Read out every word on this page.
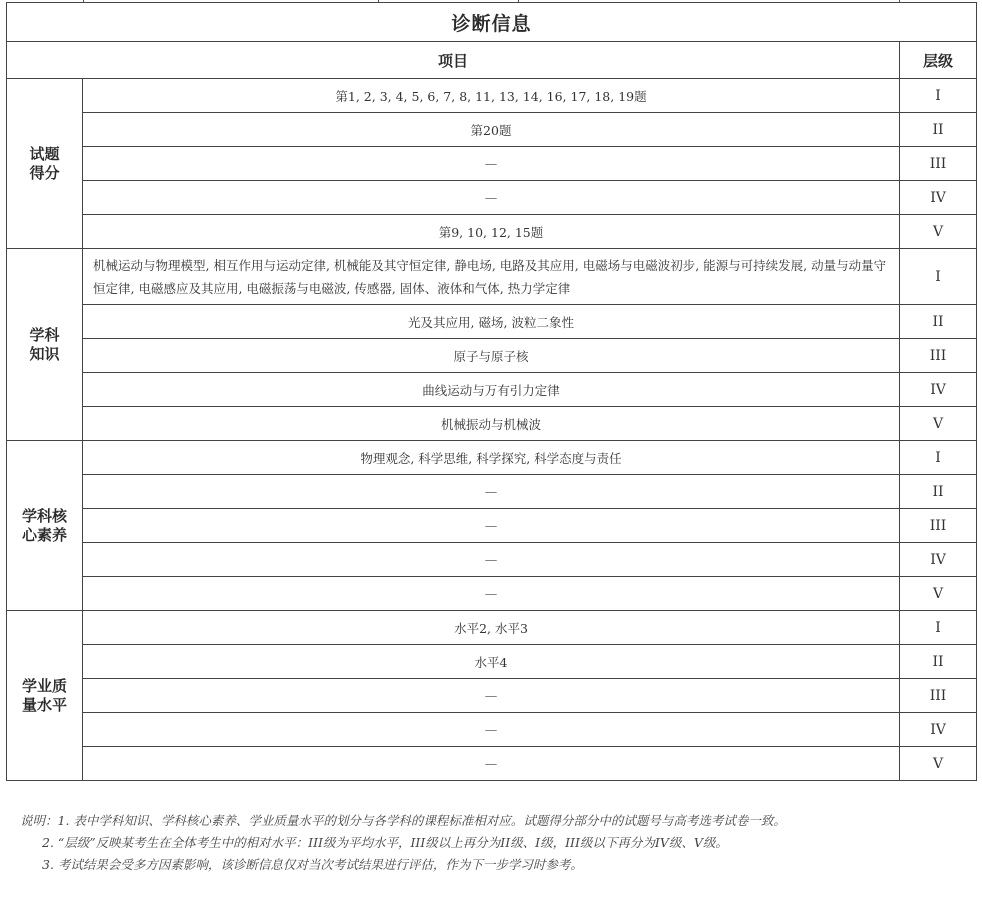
诊断信息		
项目		层级
试题
得分	第1, 2, 3, 4, 5, 6, 7, 8, 11, 13, 14, 16, 17, 18, 19题	I
	第20题	II
	—	III
	—	IV
	第9, 10, 12, 15题	V
学科
知识	机械运动与物理模型, 相互作用与运动定律, 机械能及其守恒定律, 静电场, 电路及其应用, 电磁场与电磁波初步, 能源与可持续发展, 动量与动量守恒定律, 电磁感应及其应用, 电磁振荡与电磁波, 传感器, 固体、液体和气体, 热力学定律	I
	光及其应用, 磁场, 波粒二象性	II
	原子与原子核	III
	曲线运动与万有引力定律	IV
	机械振动与机械波	V
学科核
心素养	物理观念, 科学思维, 科学探究, 科学态度与责任	I
	—	II
	—	III
	—	IV
	—	V
学业质
量水平	水平2, 水平3	I
	水平4	II
	—	III
	—	IV
	—	V
说明：1. 表中学科知识、学科核心素养、学业质量水平的划分与各学科的课程标准相对应。试题得分部分中的试题号与高考选考试卷一致。
2. “层级”反映某考生在全体考生中的相对水平：III级为平均水平，III级以上再分为II级、I级，III级以下再分为IV级、V级。
3. 考试结果会受多方因素影响，该诊断信息仅对当次考试结果进行评估，作为下一步学习时参考。
